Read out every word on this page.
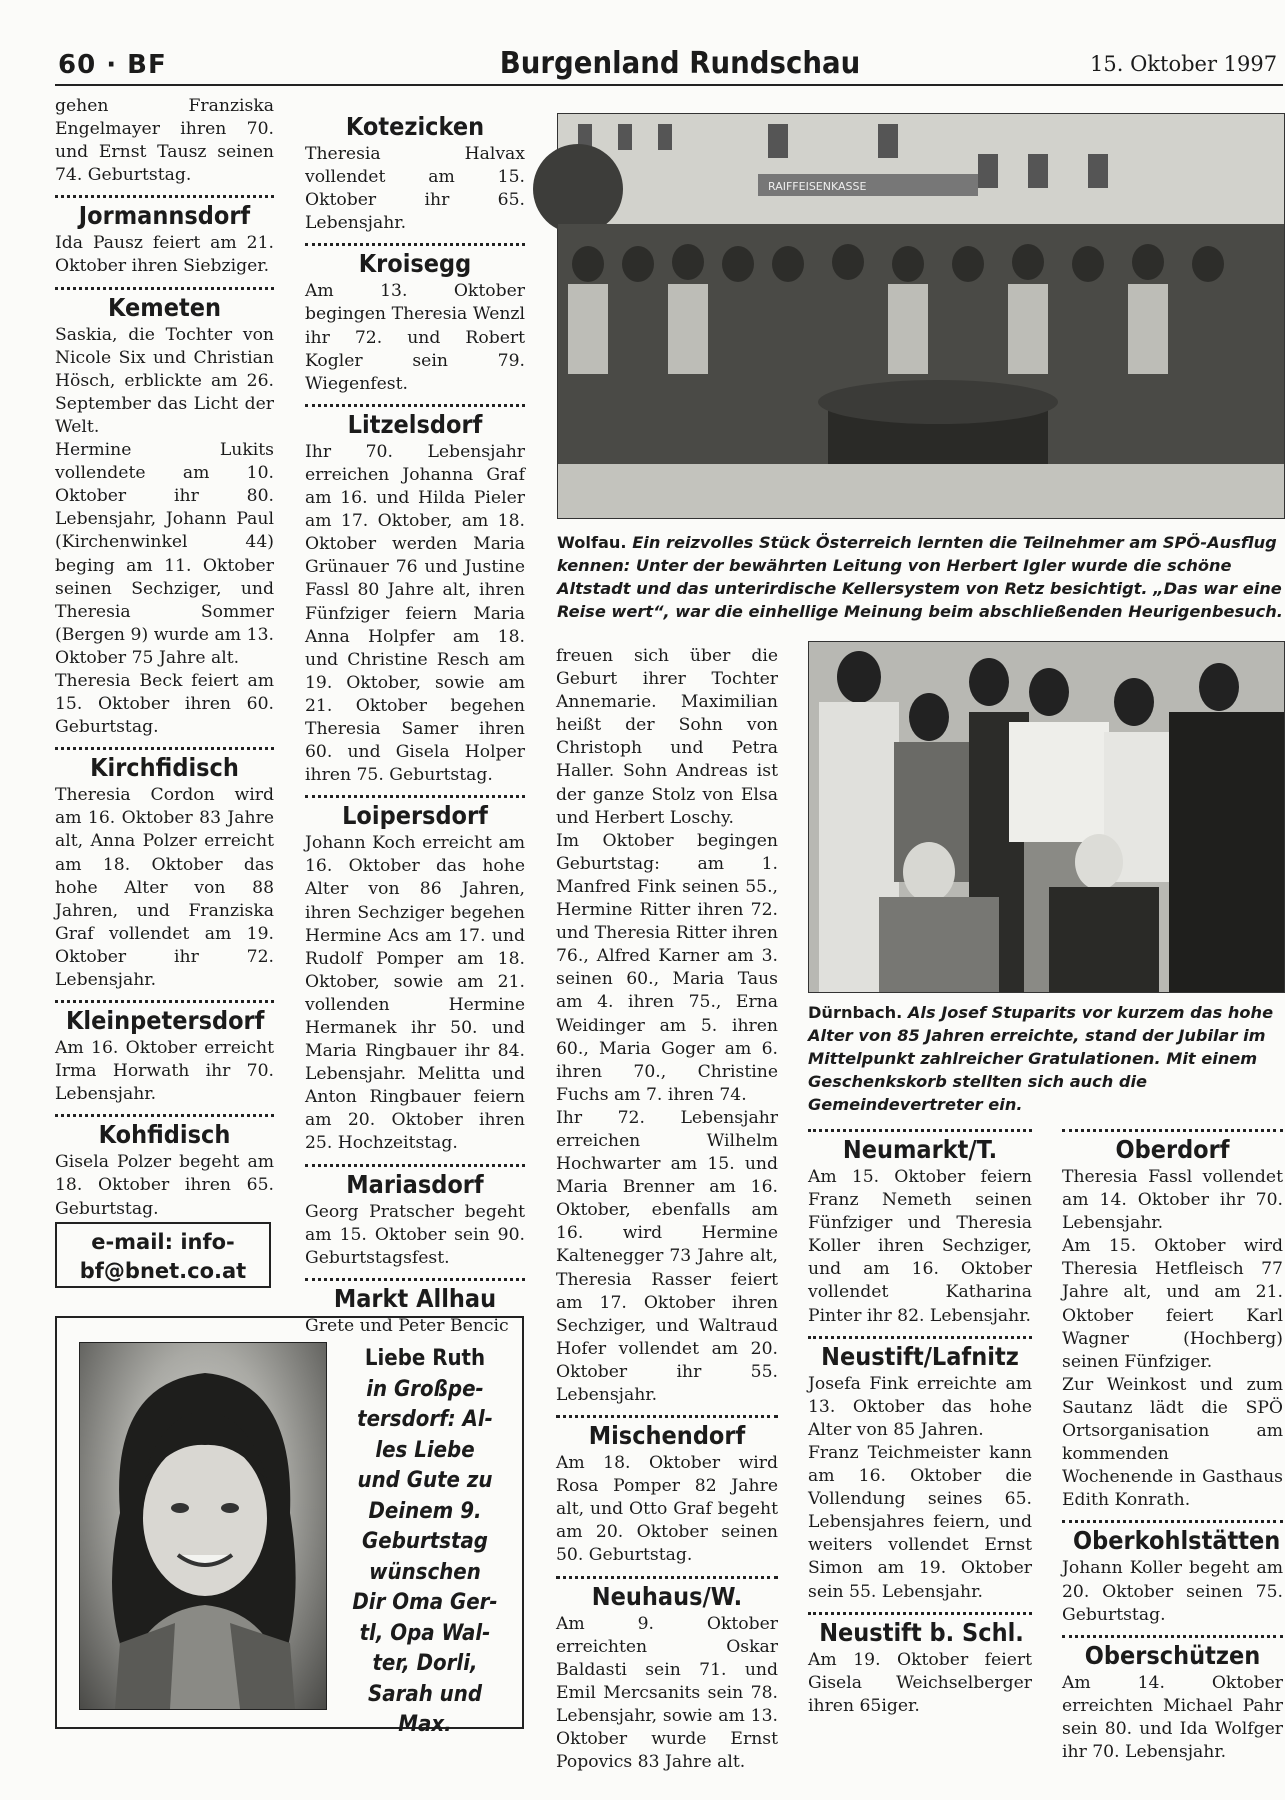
60 · BF	Burgenland Rundschau	15. Oktober 1997

gehen Franziska Engelmayer ihren 70. und Ernst Tausz seinen 74. Geburtstag.

Jormannsdorf

Ida Pausz feiert am 21. Oktober ihren Siebziger.

Kemeten

Saskia, die Tochter von Nicole Six und Christian Hösch, erblickte am 26. September das Licht der Welt.

Hermine Lukits vollendete am 10. Oktober ihr 80. Lebensjahr, Johann Paul (Kirchenwinkel 44) beging am 11. Oktober seinen Sechziger, und Theresia Sommer (Bergen 9) wurde am 13. Oktober 75 Jahre alt.

Theresia Beck feiert am 15. Oktober ihren 60. Geburtstag.

Kirchfidisch

Theresia Cordon wird am 16. Oktober 83 Jahre alt, Anna Polzer erreicht am 18. Oktober das hohe Alter von 88 Jahren, und Franziska Graf vollendet am 19. Oktober ihr 72. Lebensjahr.

Kleinpetersdorf

Am 16. Oktober erreicht Irma Horwath ihr 70. Lebensjahr.

Kohfidisch

Gisela Polzer begeht am 18. Oktober ihren 65. Geburtstag.

e-mail: info-
bf@bnet.co.at
Liebe Ruth
in Großpe-
tersdorf: Al-
les Liebe
und Gute zu
Deinem 9.
Geburtstag
wünschen
Dir Oma Ger-
tl, Opa Wal-
ter, Dorli,
Sarah und
Max.
Kotezicken

Theresia Halvax vollendet am 15. Oktober ihr 65. Lebensjahr.

Kroisegg

Am 13. Oktober begingen Theresia Wenzl ihr 72. und Robert Kogler sein 79. Wiegenfest.

Litzelsdorf

Ihr 70. Lebensjahr erreichen Johanna Graf am 16. und Hilda Pieler am 17. Oktober, am 18. Oktober werden Maria Grünauer 76 und Justine Fassl 80 Jahre alt, ihren Fünfziger feiern Maria Anna Holpfer am 18. und Christine Resch am 19. Oktober, sowie am 21. Oktober begehen Theresia Samer ihren 60. und Gisela Holper ihren 75. Geburtstag.

Loipersdorf

Johann Koch erreicht am 16. Oktober das hohe Alter von 86 Jahren, ihren Sechziger begehen Hermine Acs am 17. und Rudolf Pomper am 18. Oktober, sowie am 21. vollenden Hermine Hermanek ihr 50. und Maria Ringbauer ihr 84. Lebensjahr. Melitta und Anton Ringbauer feiern am 20. Oktober ihren 25. Hochzeitstag.

Mariasdorf

Georg Pratscher begeht am 15. Oktober sein 90. Geburtstagsfest.

Markt Allhau

Grete und Peter Bencic

RAIFFEISENKASSE
Wolfau. Ein reizvolles Stück Österreich lernten die Teilnehmer am SPÖ-Ausflug kennen: Unter der bewährten Leitung von Herbert Igler wurde die schöne Altstadt und das unterirdische Kellersystem von Retz besichtigt. „Das war eine Reise wert“, war die einhellige Meinung beim abschließenden Heurigenbesuch.

freuen sich über die Geburt ihrer Tochter Annemarie. Maximilian heißt der Sohn von Christoph und Petra Haller. Sohn Andreas ist der ganze Stolz von Elsa und Herbert Loschy.

Im Oktober begingen Geburtstag: am 1. Manfred Fink seinen 55., Hermine Ritter ihren 72. und Theresia Ritter ihren 76., Alfred Karner am 3. seinen 60., Maria Taus am 4. ihren 75., Erna Weidinger am 5. ihren 60., Maria Goger am 6. ihren 70., Christine Fuchs am 7. ihren 74.

Ihr 72. Lebensjahr erreichen Wilhelm Hochwarter am 15. und Maria Brenner am 16. Oktober, ebenfalls am 16. wird Hermine Kaltenegger 73 Jahre alt, Theresia Rasser feiert am 17. Oktober ihren Sechziger, und Waltraud Hofer vollendet am 20. Oktober ihr 55. Lebensjahr.

Mischendorf

Am 18. Oktober wird Rosa Pomper 82 Jahre alt, und Otto Graf begeht am 20. Oktober seinen 50. Geburtstag.

Neuhaus/W.

Am 9. Oktober erreichten Oskar Baldasti sein 71. und Emil Mercsanits sein 78. Lebensjahr, sowie am 13. Oktober wurde Ernst Popovics 83 Jahre alt.

Dürnbach. Als Josef Stuparits vor kurzem das hohe Alter von 85 Jahren erreichte, stand der Jubilar im Mittelpunkt zahlreicher Gratulationen. Mit einem Geschenkskorb stellten sich auch die Gemeindevertreter ein.
Neumarkt/T.

Am 15. Oktober feiern Franz Nemeth seinen Fünfziger und Theresia Koller ihren Sechziger, und am 16. Oktober vollendet Katharina Pinter ihr 82. Lebensjahr.

Neustift/Lafnitz

Josefa Fink erreichte am 13. Oktober das hohe Alter von 85 Jahren.

Franz Teichmeister kann am 16. Oktober die Vollendung seines 65. Lebensjahres feiern, und weiters vollendet Ernst Simon am 19. Oktober sein 55. Lebensjahr.

Neustift b. Schl.

Am 19. Oktober feiert Gisela Weichselberger ihren 65iger.

Oberdorf

Theresia Fassl vollendet am 14. Oktober ihr 70. Lebensjahr.

Am 15. Oktober wird Theresia Hetfleisch 77 Jahre alt, und am 21. Oktober feiert Karl Wagner (Hochberg) seinen Fünfziger.

Zur Weinkost und zum Sautanz lädt die SPÖ Ortsorganisation am kommenden Wochenende in Gasthaus Edith Konrath.

Oberkohlstätten

Johann Koller begeht am 20. Oktober seinen 75. Geburtstag.

Oberschützen

Am 14. Oktober erreichten Michael Pahr sein 80. und Ida Wolfger ihr 70. Lebensjahr.
